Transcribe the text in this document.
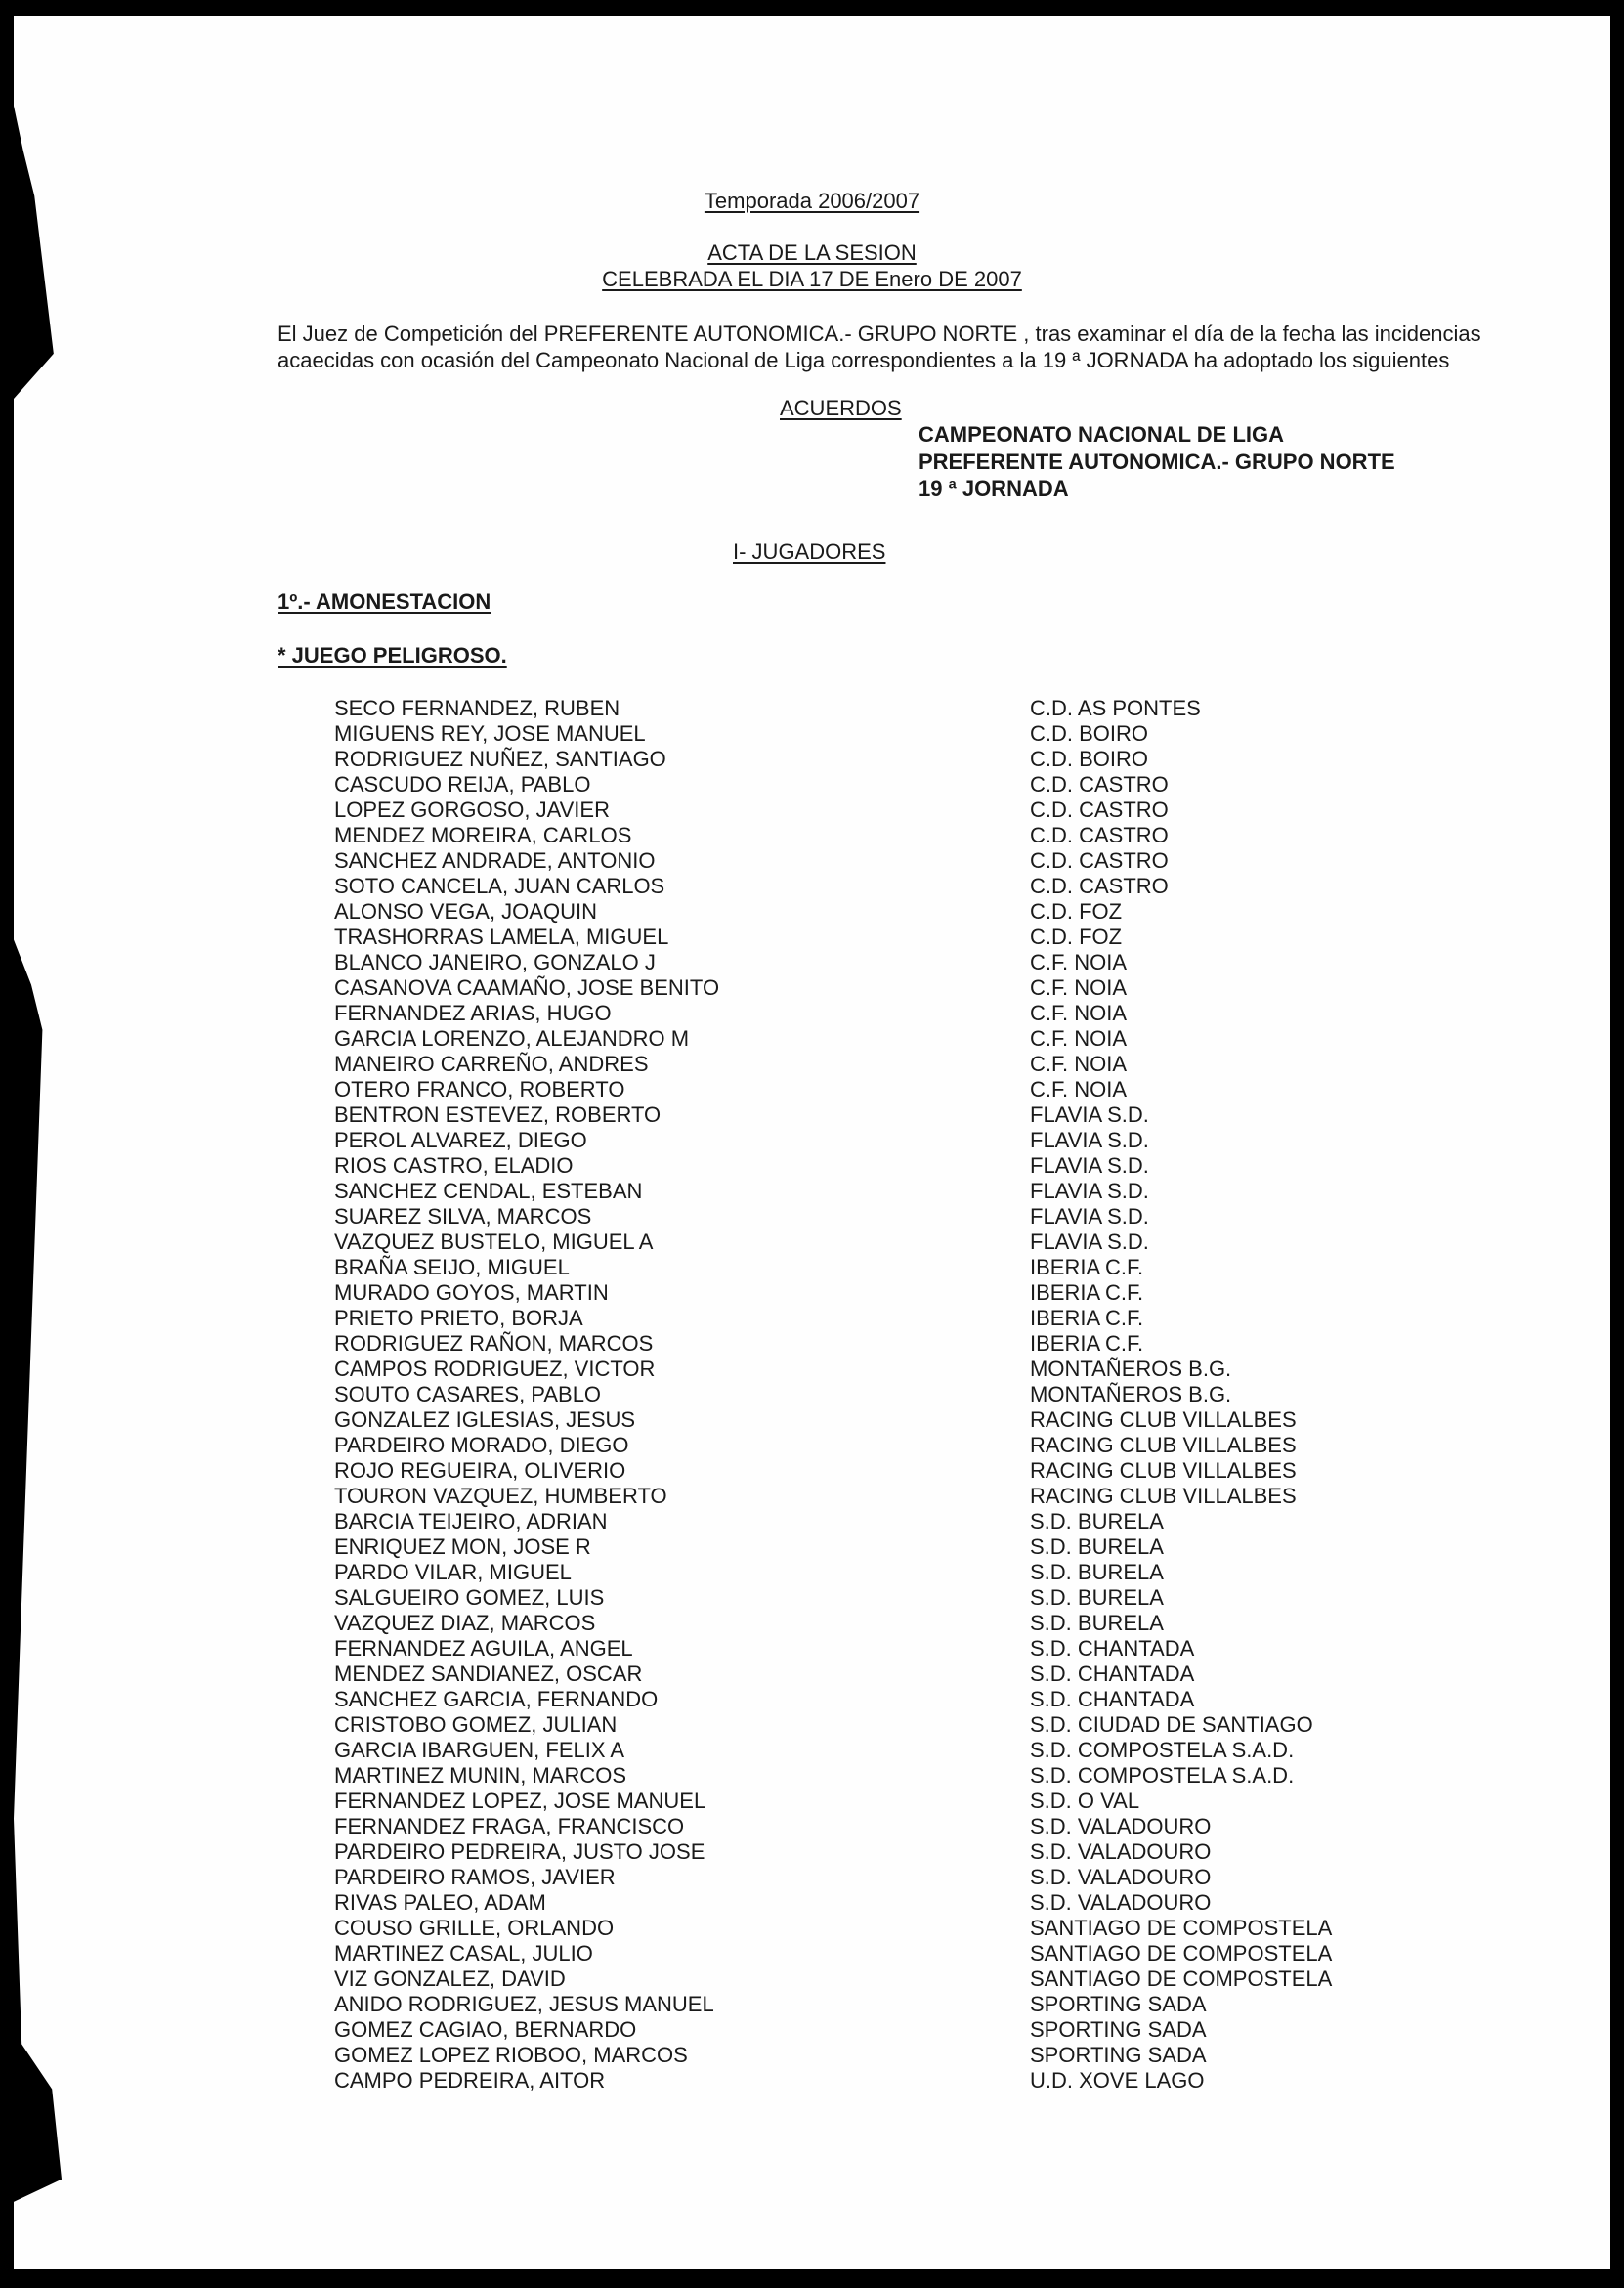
Temporada 2006/2007
ACTA DE LA SESION
CELEBRADA EL DIA 17 DE Enero DE 2007
El Juez de Competición del PREFERENTE AUTONOMICA.- GRUPO NORTE , tras examinar el día de la fecha las incidencias acaecidas con ocasión del Campeonato Nacional de Liga correspondientes a la 19 ª JORNADA ha adoptado los siguientes
ACUERDOS
CAMPEONATO NACIONAL DE LIGA
PREFERENTE AUTONOMICA.- GRUPO NORTE
19 ª JORNADA
I- JUGADORES
1º.- AMONESTACION
* JUEGO PELIGROSO.
SECO FERNANDEZ, RUBEN	C.D. AS PONTES
MIGUENS REY, JOSE MANUEL	C.D. BOIRO
RODRIGUEZ NUÑEZ, SANTIAGO	C.D. BOIRO
CASCUDO REIJA, PABLO	C.D. CASTRO
LOPEZ GORGOSO, JAVIER	C.D. CASTRO
MENDEZ MOREIRA, CARLOS	C.D. CASTRO
SANCHEZ ANDRADE, ANTONIO	C.D. CASTRO
SOTO CANCELA, JUAN CARLOS	C.D. CASTRO
ALONSO VEGA, JOAQUIN	C.D. FOZ
TRASHORRAS LAMELA, MIGUEL	C.D. FOZ
BLANCO JANEIRO, GONZALO J	C.F. NOIA
CASANOVA CAAMAÑO, JOSE BENITO	C.F. NOIA
FERNANDEZ ARIAS, HUGO	C.F. NOIA
GARCIA LORENZO, ALEJANDRO M	C.F. NOIA
MANEIRO CARREÑO, ANDRES	C.F. NOIA
OTERO FRANCO, ROBERTO	C.F. NOIA
BENTRON ESTEVEZ, ROBERTO	FLAVIA S.D.
PEROL ALVAREZ, DIEGO	FLAVIA S.D.
RIOS CASTRO, ELADIO	FLAVIA S.D.
SANCHEZ CENDAL, ESTEBAN	FLAVIA S.D.
SUAREZ SILVA, MARCOS	FLAVIA S.D.
VAZQUEZ BUSTELO, MIGUEL A	FLAVIA S.D.
BRAÑA SEIJO, MIGUEL	IBERIA C.F.
MURADO GOYOS, MARTIN	IBERIA C.F.
PRIETO PRIETO, BORJA	IBERIA C.F.
RODRIGUEZ RAÑON, MARCOS	IBERIA C.F.
CAMPOS RODRIGUEZ, VICTOR	MONTAÑEROS B.G.
SOUTO CASARES, PABLO	MONTAÑEROS B.G.
GONZALEZ IGLESIAS, JESUS	RACING CLUB VILLALBES
PARDEIRO MORADO, DIEGO	RACING CLUB VILLALBES
ROJO REGUEIRA, OLIVERIO	RACING CLUB VILLALBES
TOURON VAZQUEZ, HUMBERTO	RACING CLUB VILLALBES
BARCIA TEIJEIRO, ADRIAN	S.D. BURELA
ENRIQUEZ MON, JOSE R	S.D. BURELA
PARDO VILAR, MIGUEL	S.D. BURELA
SALGUEIRO GOMEZ, LUIS	S.D. BURELA
VAZQUEZ DIAZ, MARCOS	S.D. BURELA
FERNANDEZ AGUILA, ANGEL	S.D. CHANTADA
MENDEZ SANDIANEZ, OSCAR	S.D. CHANTADA
SANCHEZ GARCIA, FERNANDO	S.D. CHANTADA
CRISTOBO GOMEZ, JULIAN	S.D. CIUDAD DE SANTIAGO
GARCIA IBARGUEN, FELIX A	S.D. COMPOSTELA S.A.D.
MARTINEZ MUNIN, MARCOS	S.D. COMPOSTELA S.A.D.
FERNANDEZ LOPEZ, JOSE MANUEL	S.D. O VAL
FERNANDEZ FRAGA, FRANCISCO	S.D. VALADOURO
PARDEIRO PEDREIRA, JUSTO JOSE	S.D. VALADOURO
PARDEIRO RAMOS, JAVIER	S.D. VALADOURO
RIVAS PALEO, ADAM	S.D. VALADOURO
COUSO GRILLE, ORLANDO	SANTIAGO DE COMPOSTELA
MARTINEZ CASAL, JULIO	SANTIAGO DE COMPOSTELA
VIZ GONZALEZ, DAVID	SANTIAGO DE COMPOSTELA
ANIDO RODRIGUEZ, JESUS MANUEL	SPORTING SADA
GOMEZ CAGIAO, BERNARDO	SPORTING SADA
GOMEZ LOPEZ RIOBOO, MARCOS	SPORTING SADA
CAMPO PEDREIRA, AITOR	U.D. XOVE LAGO
